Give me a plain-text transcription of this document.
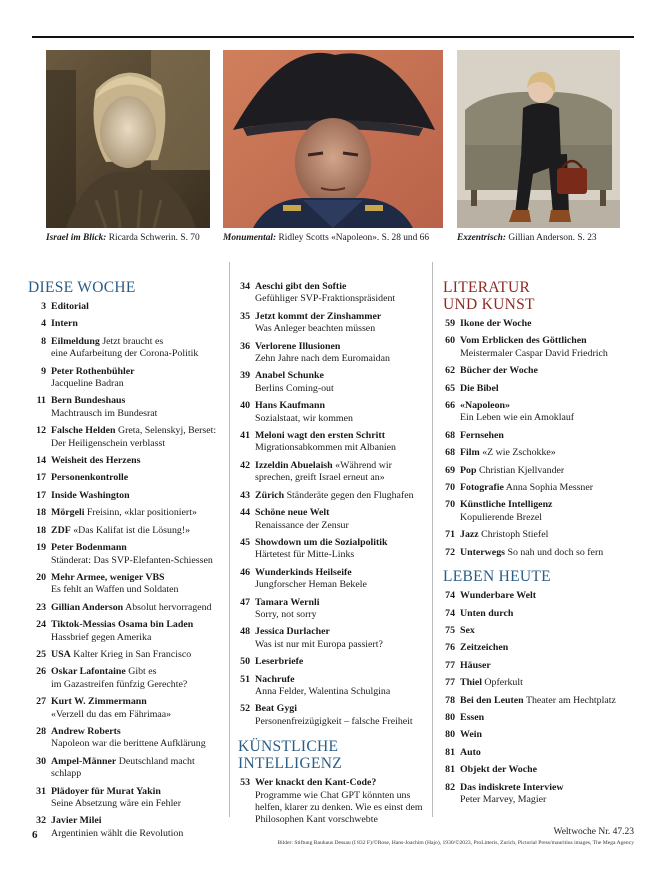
Israel im Blick: Ricarda Schwerin. S. 70 Monumental: Ridley Scotts «Napoleon». S. 28 und 66	Exzentrisch: Gillian Anderson. S. 23
DIESE WOCHE
3 Editorial
4 Intern
8 Eilmeldung Jetzt braucht es
eine Aufarbeitung der Corona-Politik
9 Peter Rothenbühler
Jacqueline Badran
11 Bern Bundeshaus
Machtrausch im Bundesrat
12 Falsche Helden Greta, Selenskyj, Berset:
Der Heiligenschein verblasst
14 Weisheit des Herzens
17 Personenkontrolle
17 Inside Washington
18 Mörgeli Freisinn, «klar positioniert»
18 ZDF «Das Kalifat ist die Lösung!»
19 Peter Bodenmann
Ständerat: Das SVP-Elefanten-Schiessen
20 Mehr Armee, weniger VBS
Es fehlt an Waffen und Soldaten
23 Gillian Anderson Absolut hervorragend
24 Tiktok-Messias Osama bin Laden
Hassbrief gegen Amerika
25 USA Kalter Krieg in San Francisco
26 Oskar Lafontaine Gibt es
im Gazastreifen fünfzig Gerechte?
27 Kurt W. Zimmermann
«Verzell du das em Fährimaa»
28 Andrew Roberts
Napoleon war die berittene Aufklärung
30 Ampel-Männer Deutschland macht schlapp
31 Plädoyer für Murat Yakin
Seine Absetzung wäre ein Fehler
32 Javier Milei
Argentinien wählt die Revolution
34 Aeschi gibt den Softie
Gefühliger SVP-Fraktionspräsident
35 Jetzt kommt der Zinshammer
Was Anleger beachten müssen
36 Verlorene Illusionen
Zehn Jahre nach dem Euromaidan
39 Anabel Schunke
Berlins Coming-out
40 Hans Kaufmann
Sozialstaat, wir kommen
41 Meloni wagt den ersten Schritt
Migrationsabkommen mit Albanien
42 Izzeldin Abuelaish «Während wir
sprechen, greift Israel erneut an»
43 Zürich Ständeräte gegen den Flughafen
44 Schöne neue Welt
Renaissance der Zensur
45 Showdown um die Sozialpolitik
Härtetest für Mitte-Links
46 Wunderkinds Heilseife
Jungforscher Heman Bekele
47 Tamara Wernli
Sorry, not sorry
48 Jessica Durlacher
Was ist nur mit Europa passiert?
50 Leserbriefe
51 Nachrufe
Anna Felder, Walentina Schulgina
52 Beat Gygi
Personenfreizügigkeit – falsche Freiheit
KÜNSTLICHE
INTELLIGENZ
53 Wer knackt den Kant-Code?
Programme wie Chat GPT könnten uns helfen, klarer zu denken. Wie es einst dem Philosophen Kant vorschwebte
LITERATUR
UND KUNST
59 Ikone der Woche
60 Vom Erblicken des Göttlichen
Meistermaler Caspar David Friedrich
62 Bücher der Woche
65 Die Bibel
66 «Napoleon»
Ein Leben wie ein Amoklauf
68 Fernsehen
68 Film «Z wie Zschokke»
69 Pop Christian Kjellvander
70 Fotografie Anna Sophia Messner
70 Künstliche Intelligenz
Kopulierende Brezel
71 Jazz Christoph Stiefel
72 Unterwegs So nah und doch so fern
LEBEN HEUTE
74 Wunderbare Welt
74 Unten durch
75 Sex
76 Zeitzeichen
77 Häuser
77 Thiel Opferkult
78 Bei den Leuten Theater am Hechtplatz
80 Essen
80 Wein
81 Auto
81 Objekt der Woche
82 Das indiskrete Interview
Peter Marvey, Magier
6	Weltwoche Nr. 47.23
Bilder: Stiftung Bauhaus Dessau (I 832 F)/©Rose, Hans-Joachim (Hajo), 1930/©2023, ProLitteris, Zurich, Pictorial Press/mauritius images, The Mega Agency
